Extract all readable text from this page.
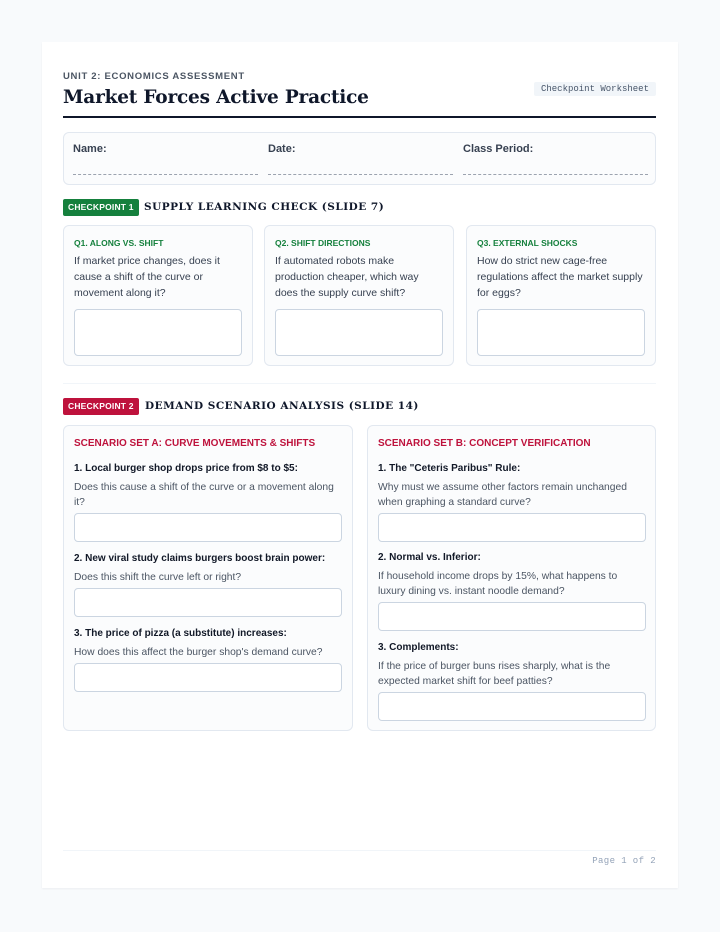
UNIT 2: ECONOMICS ASSESSMENT
Market Forces Active Practice	Checkpoint Worksheet
Name:	Date:	Class Period:
CHECKPOINT 1 SUPPLY LEARNING CHECK (SLIDE 7)
Q1. ALONG VS. SHIFT
If market price changes, does it cause a shift of the curve or movement along it?
Q2. SHIFT DIRECTIONS
If automated robots make production cheaper, which way does the supply curve shift?
Q3. EXTERNAL SHOCKS
How do strict new cage-free regulations affect the market supply for eggs?
CHECKPOINT 2	DEMAND SCENARIO ANALYSIS (SLIDE 14)
SCENARIO SET A: CURVE MOVEMENTS & SHIFTS
1. Local burger shop drops price from $8 to $5:
Does this cause a shift of the curve or a movement along it?
2. New viral study claims burgers boost brain power:
Does this shift the curve left or right?
3. The price of pizza (a substitute) increases:
How does this affect the burger shop's demand curve?
SCENARIO SET B: CONCEPT VERIFICATION
1. The "Ceteris Paribus" Rule:
Why must we assume other factors remain unchanged when graphing a standard curve?
2. Normal vs. Inferior:
If household income drops by 15%, what happens to luxury dining vs. instant noodle demand?
3. Complements:
If the price of burger buns rises sharply, what is the expected market shift for beef patties?
Page 1 of 2
